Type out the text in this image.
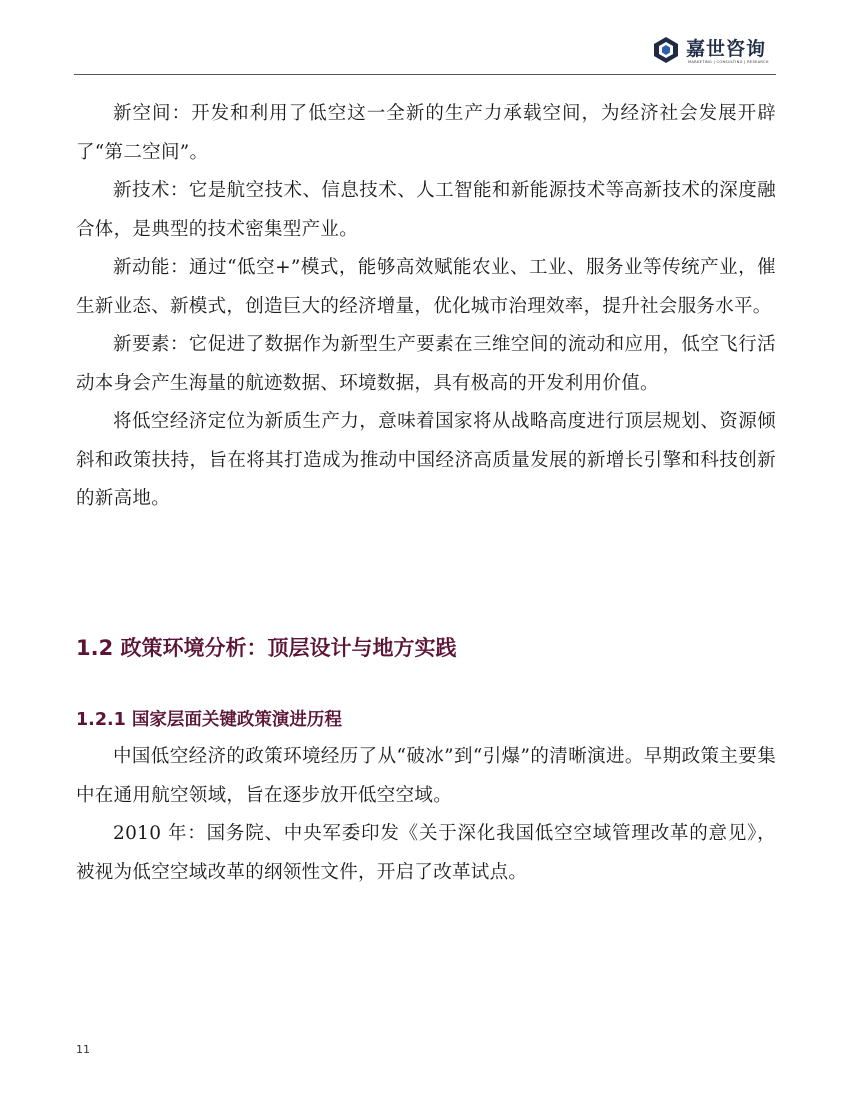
嘉世咨询
MARKETING | CONSULTING | RESEARCH

新空间：开发和利用了低空这一全新的生产力承载空间，为经济社会发展开辟了“第二空间”。

新技术：它是航空技术、信息技术、人工智能和新能源技术等高新技术的深度融合体，是典型的技术密集型产业。

新动能：通过“低空+”模式，能够高效赋能农业、工业、服务业等传统产业，催生新业态、新模式，创造巨大的经济增量，优化城市治理效率，提升社会服务水平。

新要素：它促进了数据作为新型生产要素在三维空间的流动和应用，低空飞行活动本身会产生海量的航迹数据、环境数据，具有极高的开发利用价值。

将低空经济定位为新质生产力，意味着国家将从战略高度进行顶层规划、资源倾斜和政策扶持，旨在将其打造成为推动中国经济高质量发展的新增长引擎和科技创新的新高地。

1.2 政策环境分析：顶层设计与地方实践
1.2.1 国家层面关键政策演进历程

中国低空经济的政策环境经历了从“破冰”到“引爆”的清晰演进。早期政策主要集中在通用航空领域，旨在逐步放开低空空域。

2010 年：国务院、中央军委印发《关于深化我国低空空域管理改革的意见》，被视为低空空域改革的纲领性文件，开启了改革试点。

11
